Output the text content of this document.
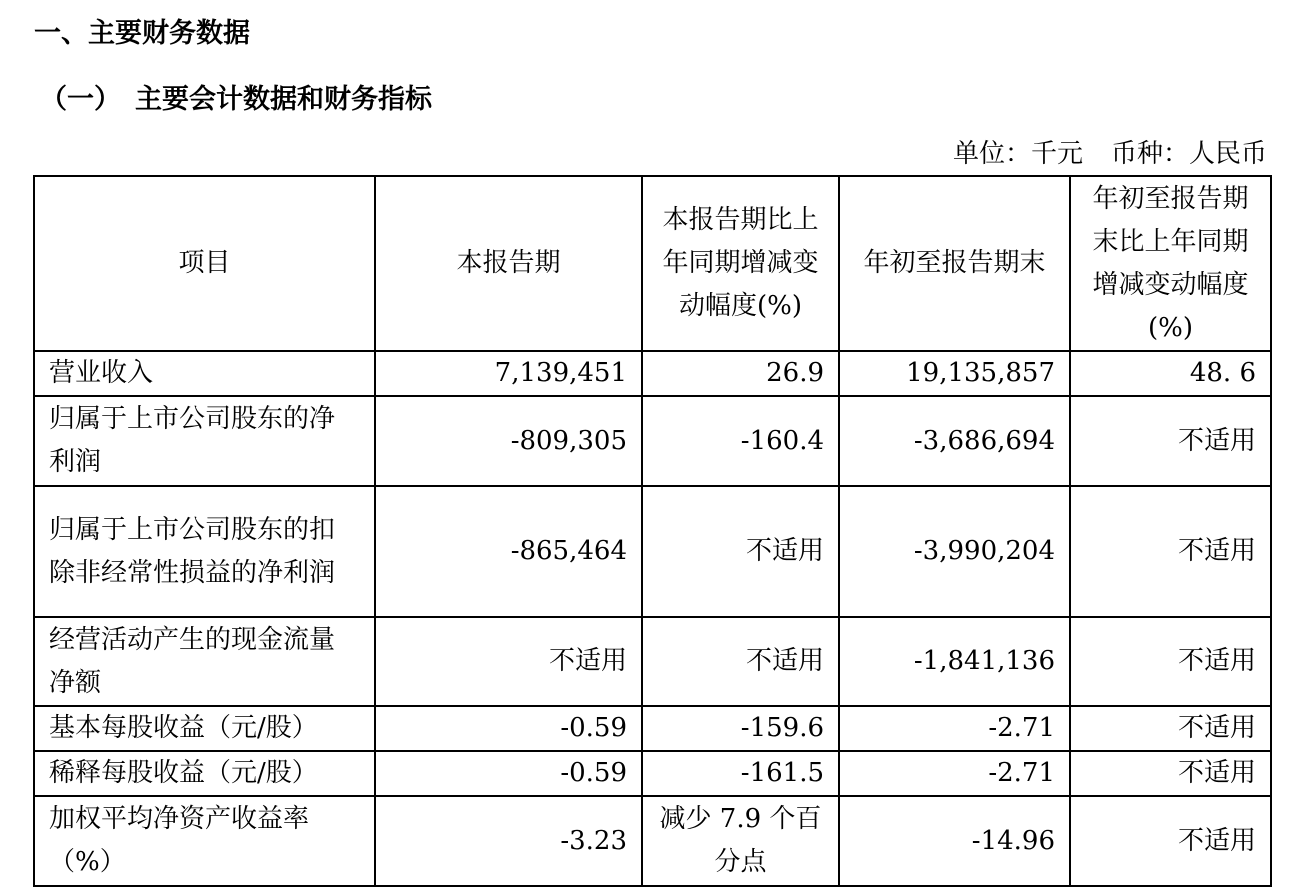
一、主要财务数据
（一） 主要会计数据和财务指标
单位：千元 币种：人民币
项目	本报告期	本报告期比上年同期增减变动幅度(%)	年初至报告期末	年初至报告期末比上年同期增减变动幅度(%)
营业收入	7,139,451	26.9	19,135,857	48. 6
归属于上市公司股东的净利润	-809,305	-160.4	-3,686,694	不适用
归属于上市公司股东的扣除非经常性损益的净利润	-865,464	不适用	-3,990,204	不适用
经营活动产生的现金流量净额	不适用	不适用	-1,841,136	不适用
基本每股收益（元/股）	-0.59	-159.6	-2.71	不适用
稀释每股收益（元/股）	-0.59	-161.5	-2.71	不适用
加权平均净资产收益率（%）	-3.23	减少 7.9 个百分点	-14.96	不适用
